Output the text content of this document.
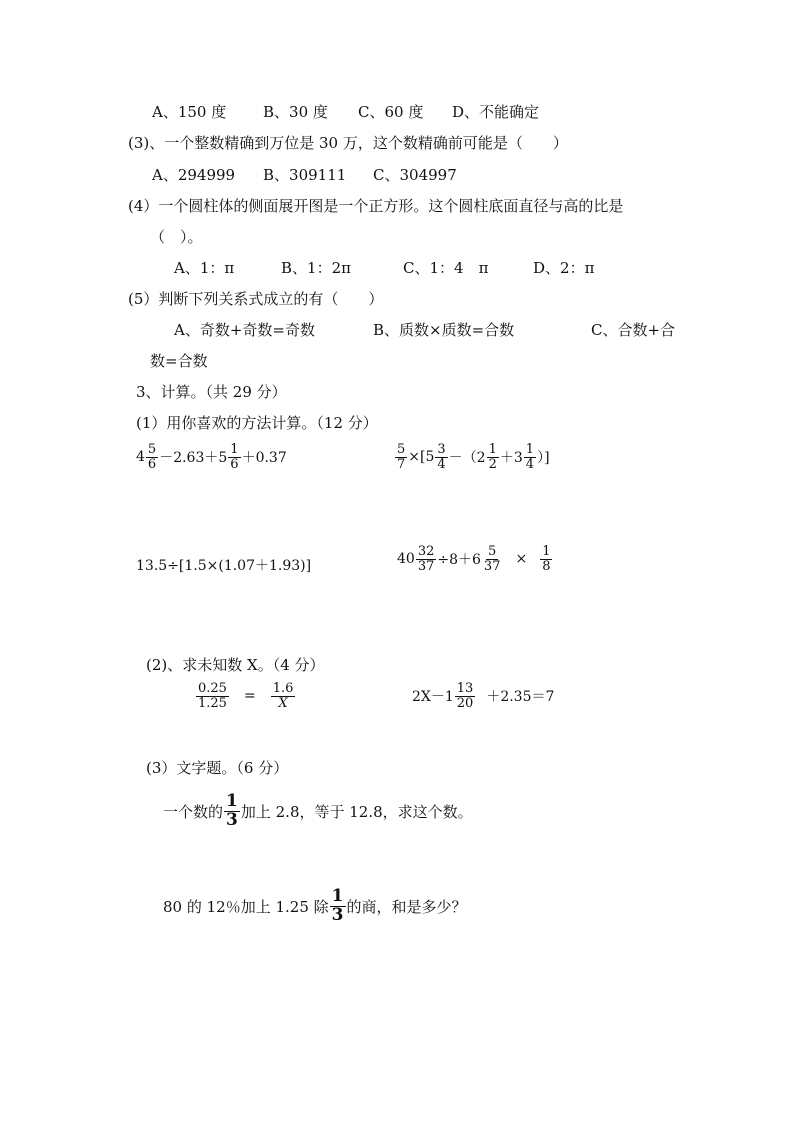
A、150 度 B、30 度 C、60 度 D、不能确定
(3)、一个整数精确到万位是 30 万，这个数精确前可能是（　　）
A、294999 B、309111 C、304997
(4）一个圆柱体的侧面展开图是一个正方形。这个圆柱底面直径与高的比是
（　）。
A、1：π	B、1：2π	C、1：4　π	D、2：π
(5）判断下列关系式成立的有（　　）
A、奇数+奇数=奇数	B、质数×质数=合数	C、合数+合
数=合数
3、计算。（共 29 分）
(1）用你喜欢的方法计算。（12 分）
$4 \frac{5}{6} -2.63+5 \frac{1}{6} +0.37$	$\frac{5}{7} \times[5 \frac{3}{4} -(2 \frac{1}{2} +3 \frac{1}{4}$ ）]
13.5÷[1.5×(1.07＋1.93)]	$40 \frac{32}{37} \div 8+6 \frac{5}{37} \times \frac{1}{8}$
(2)、求未知数 X。（4 分）
$\frac{0.25}{1.25} = \frac{1.6}{X}$	$2X-1 \frac{13}{20} +2.35=7$
(3）文字题。（6 分）
一个数的 $\frac{1}{3}$ 加上 2.8，等于 12.8，求这个数。
80 的 12％加上 1.25 除 $\frac{1}{3}$ 的商，和是多少？
